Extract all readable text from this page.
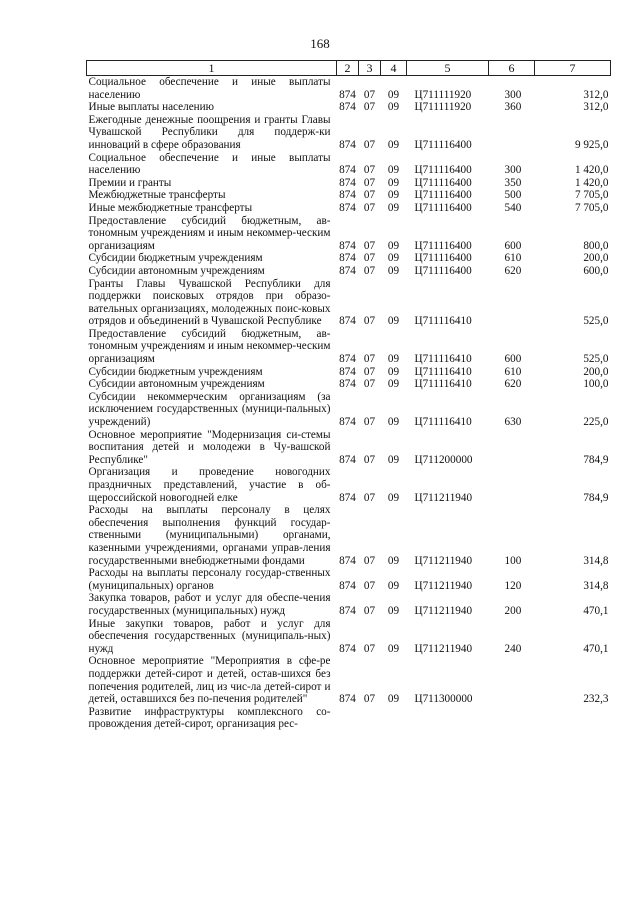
168
1	2	3	4	5	6	7
Социальное обеспечение и иные выплаты населению	874	07	09	Ц711111920	300	312,0
Иные выплаты населению	874	07	09	Ц711111920	360	312,0
Ежегодные денежные поощрения и гранты Главы Чувашской Республики для поддерж-ки инноваций в сфере образования	874	07	09	Ц711116400		9 925,0
Социальное обеспечение и иные выплаты населению	874	07	09	Ц711116400	300	1 420,0
Премии и гранты	874	07	09	Ц711116400	350	1 420,0
Межбюджетные трансферты	874	07	09	Ц711116400	500	7 705,0
Иные межбюджетные трансферты	874	07	09	Ц711116400	540	7 705,0
Предоставление субсидий бюджетным, ав-тономным учреждениям и иным некоммер-ческим организациям	874	07	09	Ц711116400	600	800,0
Субсидии бюджетным учреждениям	874	07	09	Ц711116400	610	200,0
Субсидии автономным учреждениям	874	07	09	Ц711116400	620	600,0
Гранты Главы Чувашской Республики для поддержки поисковых отрядов при образо-вательных организациях, молодежных поис-ковых отрядов и объединений в Чувашской Республике	874	07	09	Ц711116410		525,0
Предоставление субсидий бюджетным, ав-тономным учреждениям и иным некоммер-ческим организациям	874	07	09	Ц711116410	600	525,0
Субсидии бюджетным учреждениям	874	07	09	Ц711116410	610	200,0
Субсидии автономным учреждениям	874	07	09	Ц711116410	620	100,0
Субсидии некоммерческим организациям (за исключением государственных (муници-пальных) учреждений)	874	07	09	Ц711116410	630	225,0
Основное мероприятие "Модернизация си-стемы воспитания детей и молодежи в Чу-вашской Республике"	874	07	09	Ц711200000		784,9
Организация и проведение новогодних праздничных представлений, участие в об-щероссийской новогодней елке	874	07	09	Ц711211940		784,9
Расходы на выплаты персоналу в целях обеспечения выполнения функций государ-ственными (муниципальными) органами, казенными учреждениями, органами управ-ления государственными внебюджетными фондами	874	07	09	Ц711211940	100	314,8
Расходы на выплаты персоналу государ-ственных (муниципальных) органов	874	07	09	Ц711211940	120	314,8
Закупка товаров, работ и услуг для обеспе-чения государственных (муниципальных) нужд	874	07	09	Ц711211940	200	470,1
Иные закупки товаров, работ и услуг для обеспечения государственных (муниципаль-ных) нужд	874	07	09	Ц711211940	240	470,1
Основное мероприятие "Мероприятия в сфе-ре поддержки детей-сирот и детей, остав-шихся без попечения родителей, лиц из чис-ла детей-сирот и детей, оставшихся без по-печения родителей"	874	07	09	Ц711300000		232,3
Развитие инфраструктуры комплексного со-провождения детей-сирот, организация рес-						
